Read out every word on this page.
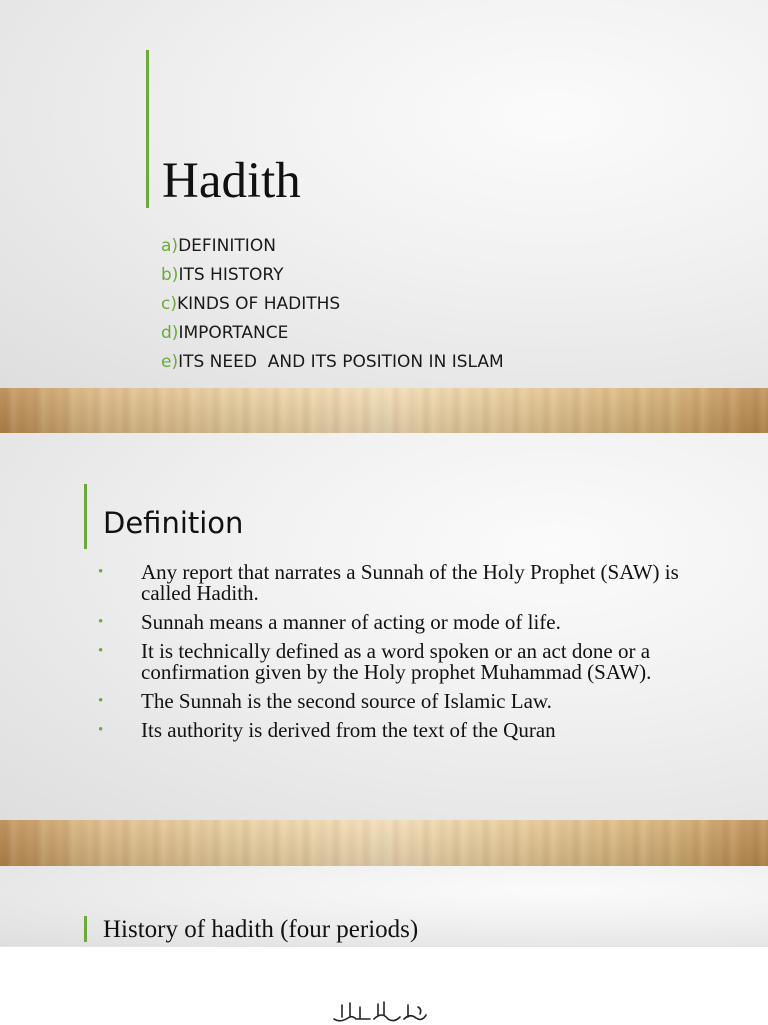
Hadith
a)DEFINITION
b)ITS HISTORY
c)KINDS OF HADITHS
d)IMPORTANCE
e)ITS NEED  AND ITS POSITION IN ISLAM
Definition
• Any report that narrates a Sunnah of the Holy Prophet (SAW) is called Hadith.
• Sunnah means a manner of acting or mode of life.
• It is technically defined as a word spoken or an act done or a confirmation given by the Holy prophet Muhammad (SAW).
• The Sunnah is the second source of Islamic Law.
• Its authority is derived from the text of the Quran
History of hadith (four periods)
